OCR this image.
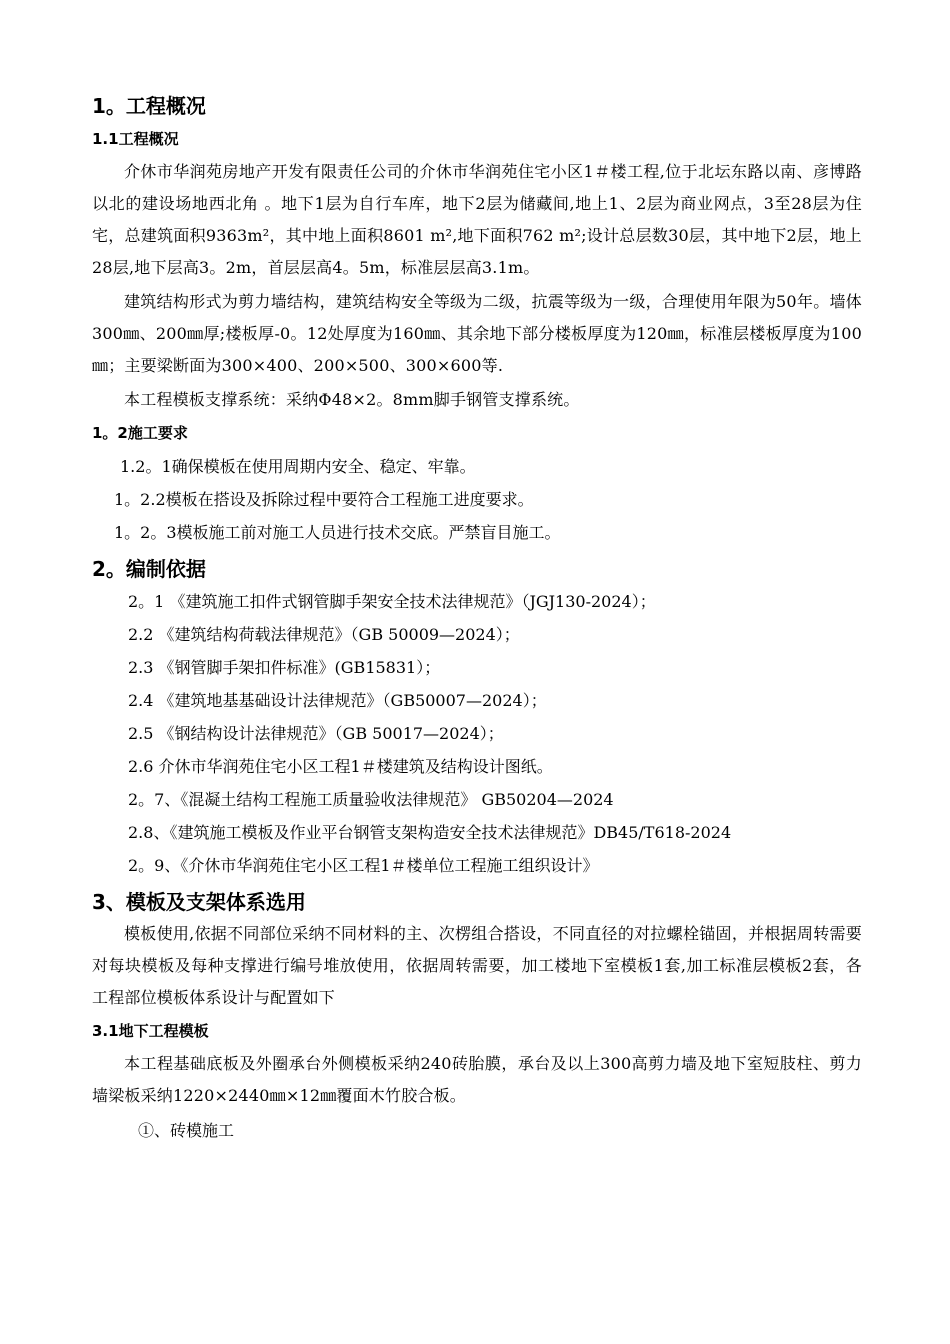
1。工程概况
1.1工程概况

介休市华润苑房地产开发有限责任公司的介休市华润苑住宅小区1＃楼工程,位于北坛东路以南、彦博路以北的建设场地西北角 。地下1层为自行车库，地下2层为储藏间,地上1、2层为商业网点，3至28层为住宅，总建筑面积9363m²，其中地上面积8601 m²,地下面积762 m²;设计总层数30层，其中地下2层，地上28层,地下层高3。2m，首层层高4。5m，标准层层高3.1m。

建筑结构形式为剪力墙结构，建筑结构安全等级为二级，抗震等级为一级，合理使用年限为50年。墙体300㎜、200㎜厚;楼板厚-0。12处厚度为160㎜、其余地下部分楼板厚度为120㎜，标准层楼板厚度为100㎜；主要梁断面为300×400、200×500、300×600等.

本工程模板支撑系统：采纳Φ48×2。8mm脚手钢管支撑系统。

1。2施工要求

1.2。1确保模板在使用周期内安全、稳定、牢靠。

1。2.2模板在搭设及拆除过程中要符合工程施工进度要求。

1。2。3模板施工前对施工人员进行技术交底。严禁盲目施工。

2。编制依据

2。1 《建筑施工扣件式钢管脚手架安全技术法律规范》（JGJ130-2024）；

2.2 《建筑结构荷载法律规范》（GB 50009—2024）；

2.3 《钢管脚手架扣件标准》(GB15831）；

2.4 《建筑地基基础设计法律规范》（GB50007—2024）；

2.5 《钢结构设计法律规范》（GB 50017—2024）；

2.6 介休市华润苑住宅小区工程1＃楼建筑及结构设计图纸。

2。7、《混凝土结构工程施工质量验收法律规范》 GB50204—2024

2.8、《建筑施工模板及作业平台钢管支架构造安全技术法律规范》DB45/T618-2024

2。9、《介休市华润苑住宅小区工程1＃楼单位工程施工组织设计》

3、模板及支架体系选用

模板使用,依据不同部位采纳不同材料的主、次楞组合搭设，不同直径的对拉螺栓锚固，并根据周转需要对每块模板及每种支撑进行编号堆放使用，依据周转需要，加工楼地下室模板1套,加工标准层模板2套，各工程部位模板体系设计与配置如下

3.1地下工程模板

本工程基础底板及外圈承台外侧模板采纳240砖胎膜，承台及以上300高剪力墙及地下室短肢柱、剪力墙梁板采纳1220×2440㎜×12㎜覆面木竹胶合板。

①、砖模施工
